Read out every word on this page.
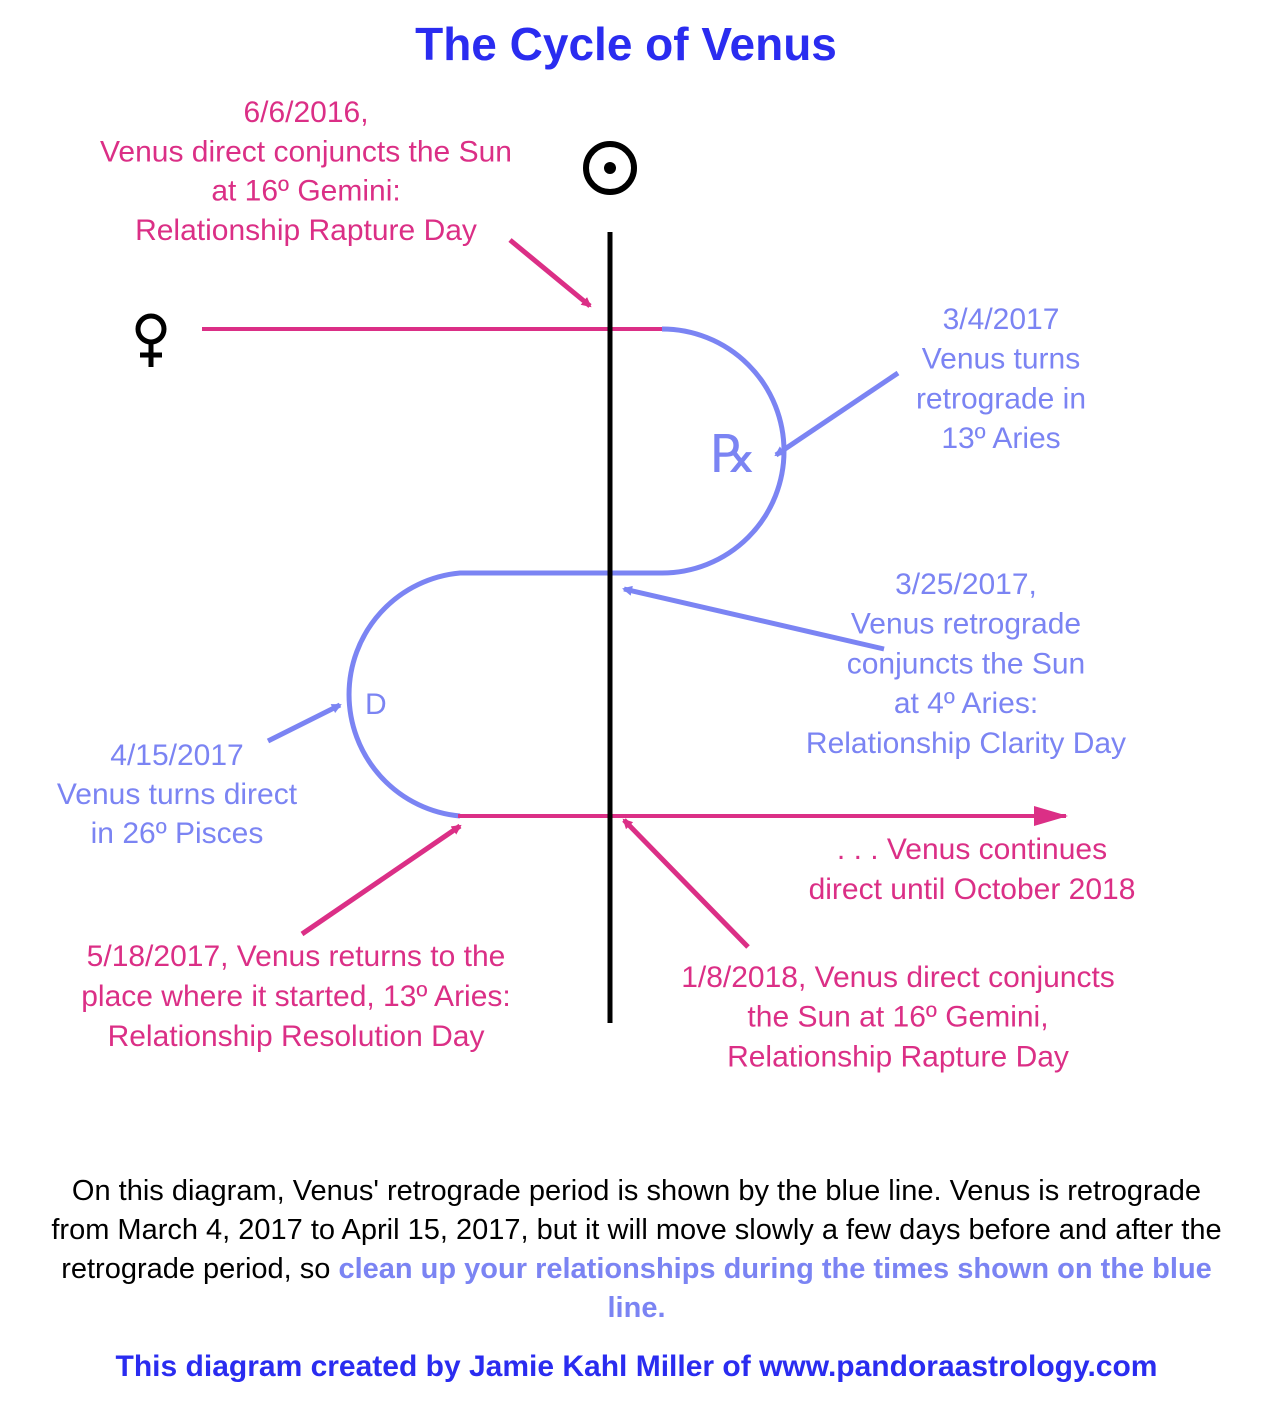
The Cycle of Venus
℞
D
6/6/2016, Venus direct conjuncts the Sun at 16º Gemini: Relationship Rapture Day
3/4/2017 Venus turns retrograde in 13º Aries
3/25/2017, Venus retrograde conjuncts the Sun at 4º Aries: Relationship Clarity Day
4/15/2017 Venus turns direct in 26º Pisces	. . . Venus continues direct until October 2018
5/18/2017, Venus returns to the place where it started, 13º Aries: Relationship Resolution Day
1/8/2018, Venus direct conjuncts the Sun at 16º Gemini, Relationship Rapture Day
On this diagram, Venus' retrograde period is shown by the blue line. Venus is retrograde from March 4, 2017 to April 15, 2017, but it will move slowly a few days before and after the retrograde period, so clean up your relationships during the times shown on the blue line.
This diagram created by Jamie Kahl Miller of www.pandoraastrology.com
